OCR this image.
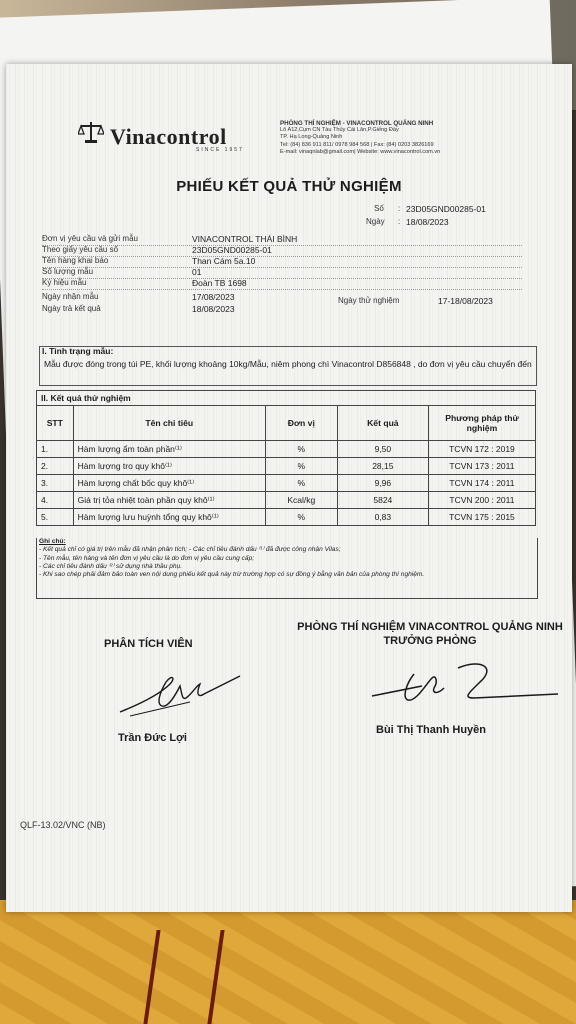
Vinacontrol
SINCE 1957
PHÒNG THÍ NGHIỆM - VINACONTROL QUẢNG NINH
Lô A12,Cụm CN Tàu Thủy Cái Lân,P.Giếng Đáy
TP. Hạ Long-Quảng Ninh
Tel: (84) 836 911 811/ 0978 984 568 | Fax: (84) 0203 3826169
E-mail: vinaqnlab@gmail.com| Website: www.vinacontrol.com.vn
PHIẾU KẾT QUẢ THỬ NGHIỆM
Số : 23D05GND00285-01
Ngày : 18/08/2023
Đơn vị yêu cầu và gửi mẫu	VINACONTROL THÁI BÌNH
Theo giấy yêu cầu số	23D05GND00285-01
Tên hàng khai báo	Than Cám 5a.10
Số lượng mẫu	01
Ký hiệu mẫu	Đoàn TB 1698
Ngày nhận mẫu	17/08/2023
Ngày trả kết quả	18/08/2023
Ngày thử nghiệm	17-18/08/2023
I. Tình trạng mẫu:
Mẫu được đóng trong túi PE, khối lượng khoảng 10kg/Mẫu, niêm phong chì Vinacontrol D856848 , do đơn vị yêu cầu chuyển đến
II. Kết quả thử nghiệm				
STT	Tên chỉ tiêu	Đơn vị	Kết quả	Phương pháp thử nghiệm
1.	Hàm lượng ẩm toàn phần⁽¹⁾	%	9,50	TCVN 172 : 2019
2.	Hàm lượng tro quy khô⁽¹⁾	%	28,15	TCVN 173 : 2011
3.	Hàm lượng chất bốc quy khô⁽¹⁾	%	9,96	TCVN 174 : 2011
4.	Giá trị tỏa nhiệt toàn phần quy khô⁽¹⁾	Kcal/kg	5824	TCVN 200 : 2011
5.	Hàm lượng lưu huỳnh tổng quy khô⁽¹⁾	%	0,83	TCVN 175 : 2015
Ghi chú:
- Kết quả chỉ có giá trị trên mẫu đã nhận phân tích; - Các chỉ tiêu đánh dấu ⁽¹⁾ đã được công nhận Vilas;
- Tên mẫu, tên hàng và tên đơn vị yêu cầu là do đơn vị yêu cầu cung cấp;
- Các chỉ tiêu đánh dấu ⁽²⁾ sử dụng nhà thầu phụ.
- Khi sao chép phải đảm bảo toàn ven nội dung phiếu kết quả này trừ trường hợp có sự đồng ý bằng văn bản của phòng thí nghiệm.
PHÂN TÍCH VIÊN
PHÒNG THÍ NGHIỆM VINACONTROL QUẢNG NINH
TRƯỞNG PHÒNG
Trần Đức Lợi
Bùi Thị Thanh Huyền
QLF-13.02/VNC (NB)
